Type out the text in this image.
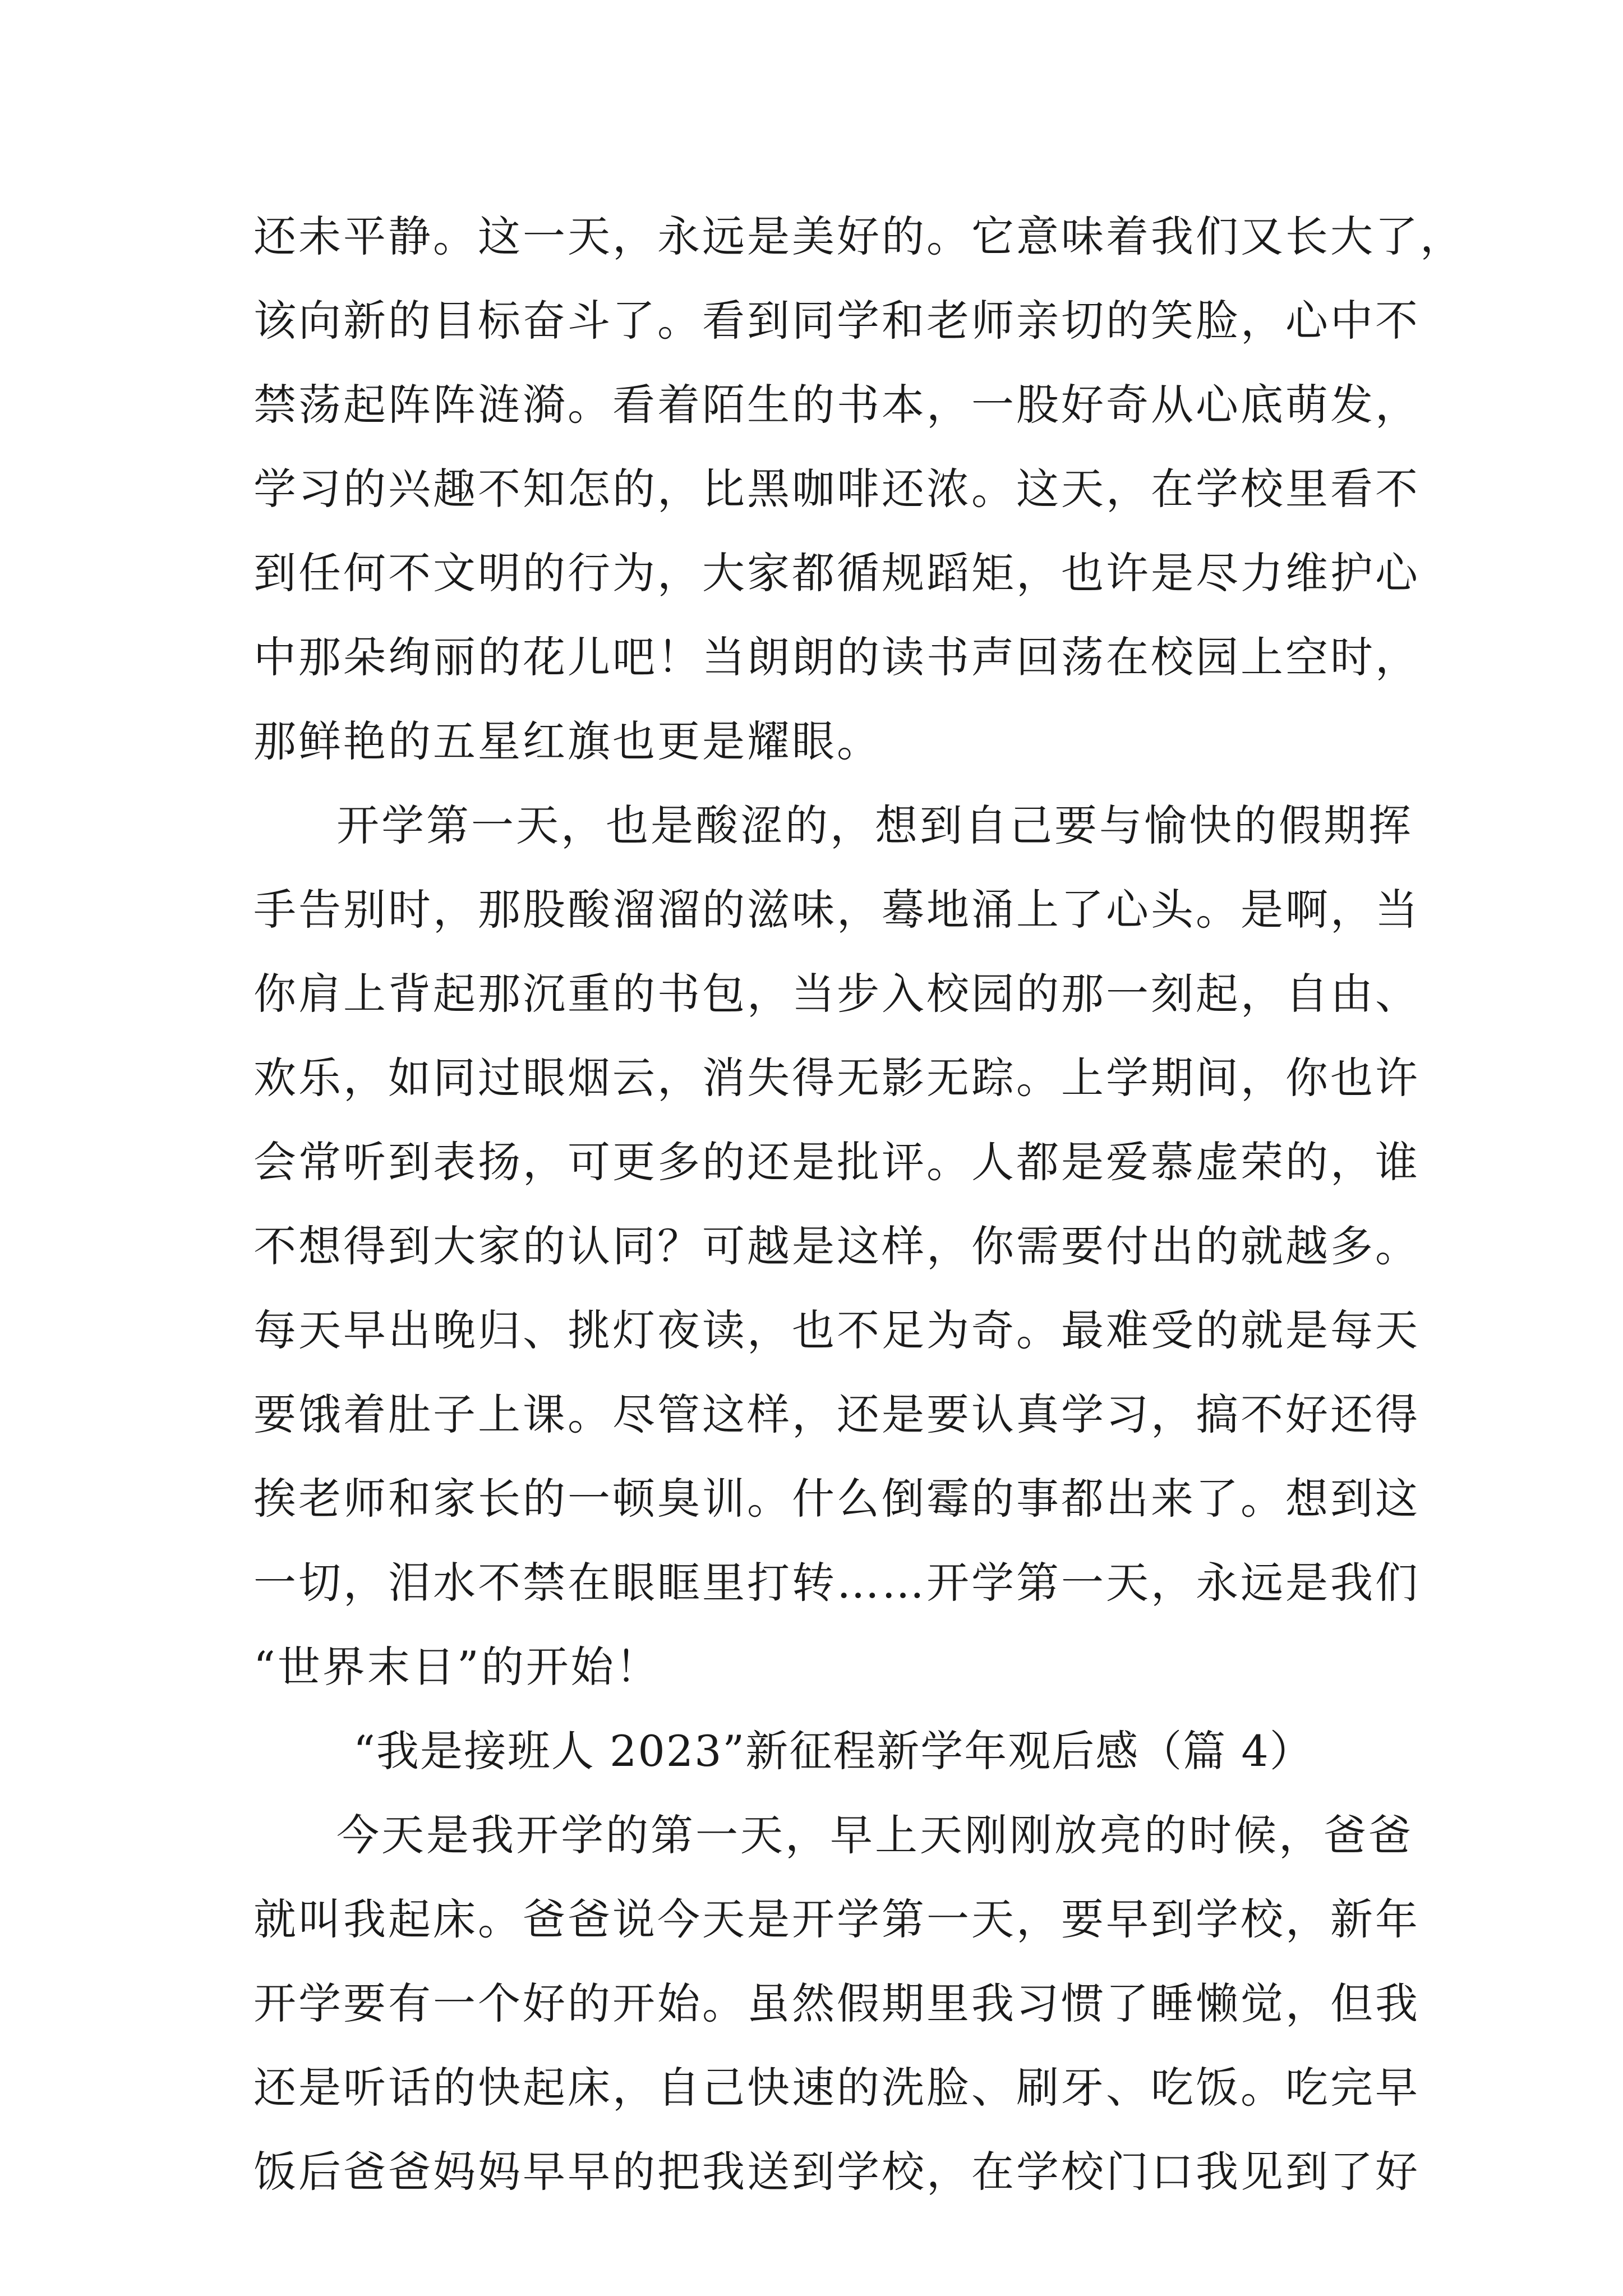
还未平静。这一天，永远是美好的。它意味着我们又长大了，
该向新的目标奋斗了。看到同学和老师亲切的笑脸，心中不
禁荡起阵阵涟漪。看着陌生的书本，一股好奇从心底萌发，
学习的兴趣不知怎的，比黑咖啡还浓。这天，在学校里看不
到任何不文明的行为，大家都循规蹈矩，也许是尽力维护心
中那朵绚丽的花儿吧！当朗朗的读书声回荡在校园上空时，
那鲜艳的五星红旗也更是耀眼。
开学第一天，也是酸涩的，想到自己要与愉快的假期挥
手告别时，那股酸溜溜的滋味，蓦地涌上了心头。是啊，当
你肩上背起那沉重的书包，当步入校园的那一刻起，自由、
欢乐，如同过眼烟云，消失得无影无踪。上学期间，你也许
会常听到表扬，可更多的还是批评。人都是爱慕虚荣的，谁
不想得到大家的认同？可越是这样，你需要付出的就越多。
每天早出晚归、挑灯夜读，也不足为奇。最难受的就是每天
要饿着肚子上课。尽管这样，还是要认真学习，搞不好还得
挨老师和家长的一顿臭训。什么倒霉的事都出来了。想到这
一切，泪水不禁在眼眶里打转……开学第一天，永远是我们
“世界末日”的开始！
“我是接班人 2023”新征程新学年观后感（篇 4）
今天是我开学的第一天，早上天刚刚放亮的时候，爸爸
就叫我起床。爸爸说今天是开学第一天，要早到学校，新年
开学要有一个好的开始。虽然假期里我习惯了睡懒觉，但我
还是听话的快起床，自己快速的洗脸、刷牙、吃饭。吃完早
饭后爸爸妈妈早早的把我送到学校，在学校门口我见到了好
